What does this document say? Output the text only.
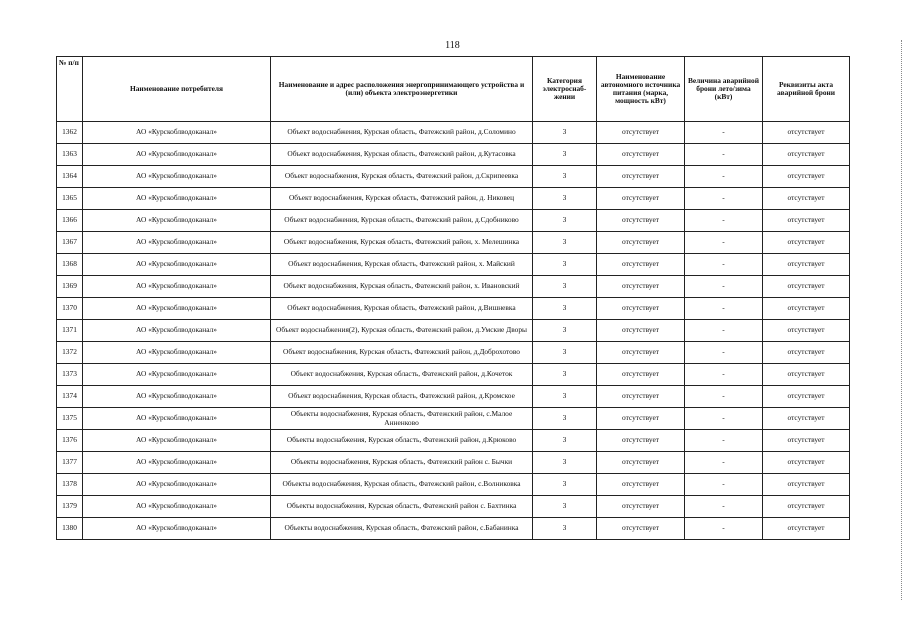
118
№ п/п	Наименование потребителя	Наименование и адрес расположения энергопринимающего устройства и (или) объекта электроэнергетики	Категория электроснаб-жении	Наименование автономного источника питания (марка, мощность кВт)	Величина аварийной брони лето/зима (кВт)	Реквизиты акта аварийной брони
1362	АО «Курскоблводоканал»	Объект водоснабжения, Курская область, Фатежский район, д.Соломино	3	отсутствует	-	отсутствует
1363	АО «Курскоблводоканал»	Объект водоснабжения, Курская область, Фатежский район, д.Кутасовка	3	отсутствует	-	отсутствует
1364	АО «Курскоблводоканал»	Объект водоснабжения, Курская область, Фатежский район, д.Скрипеевка	3	отсутствует	-	отсутствует
1365	АО «Курскоблводоканал»	Объект водоснабжения, Курская область, Фатежский район, д. Никовец	3	отсутствует	-	отсутствует
1366	АО «Курскоблводоканал»	Объект водоснабжения, Курская область, Фатежский район, д.Сдобниково	3	отсутствует	-	отсутствует
1367	АО «Курскоблводоканал»	Объект водоснабжения, Курская область, Фатежский район, х. Мелешинка	3	отсутствует	-	отсутствует
1368	АО «Курскоблводоканал»	Объект водоснабжения, Курская область, Фатежский район, х. Майский	3	отсутствует	-	отсутствует
1369	АО «Курскоблводоканал»	Объект водоснабжения, Курская область, Фатежский район, х. Ивановский	3	отсутствует	-	отсутствует
1370	АО «Курскоблводоканал»	Объект водоснабжения, Курская область, Фатежский район, д.Вишневка	3	отсутствует	-	отсутствует
1371	АО «Курскоблводоканал»	Объект водоснабжения(2), Курская область, Фатежский район, д.Умские Дворы	3	отсутствует	-	отсутствует
1372	АО «Курскоблводоканал»	Объект водоснабжения, Курская область, Фатежский район, д.Доброхотово	3	отсутствует	-	отсутствует
1373	АО «Курскоблводоканал»	Объект водоснабжения, Курская область, Фатежский район, д.Кочеток	3	отсутствует	-	отсутствует
1374	АО «Курскоблводоканал»	Объект водоснабжения, Курская область, Фатежский район, д.Кромское	3	отсутствует	-	отсутствует
1375	АО «Курскоблводоканал»	Объекты водоснабжения, Курская область, Фатежский район, с.Малое Анненково	3	отсутствует	-	отсутствует
1376	АО «Курскоблводоканал»	Объекты водоснабжения, Курская область, Фатежский район, д.Крюково	3	отсутствует	-	отсутствует
1377	АО «Курскоблводоканал»	Объекты водоснабжения, Курская область, Фатежский район с. Бычки	3	отсутствует	-	отсутствует
1378	АО «Курскоблводоканал»	Объекты водоснабжения, Курская область, Фатежский район, с.Волниковка	3	отсутствует	-	отсутствует
1379	АО «Курскоблводоканал»	Объекты водоснабжения, Курская область, Фатежский район с. Бахтинка	3	отсутствует	-	отсутствует
1380	АО «Курскоблводоканал»	Объекты водоснабжения, Курская область, Фатежский район, с.Бабанинка	3	отсутствует	-	отсутствует
